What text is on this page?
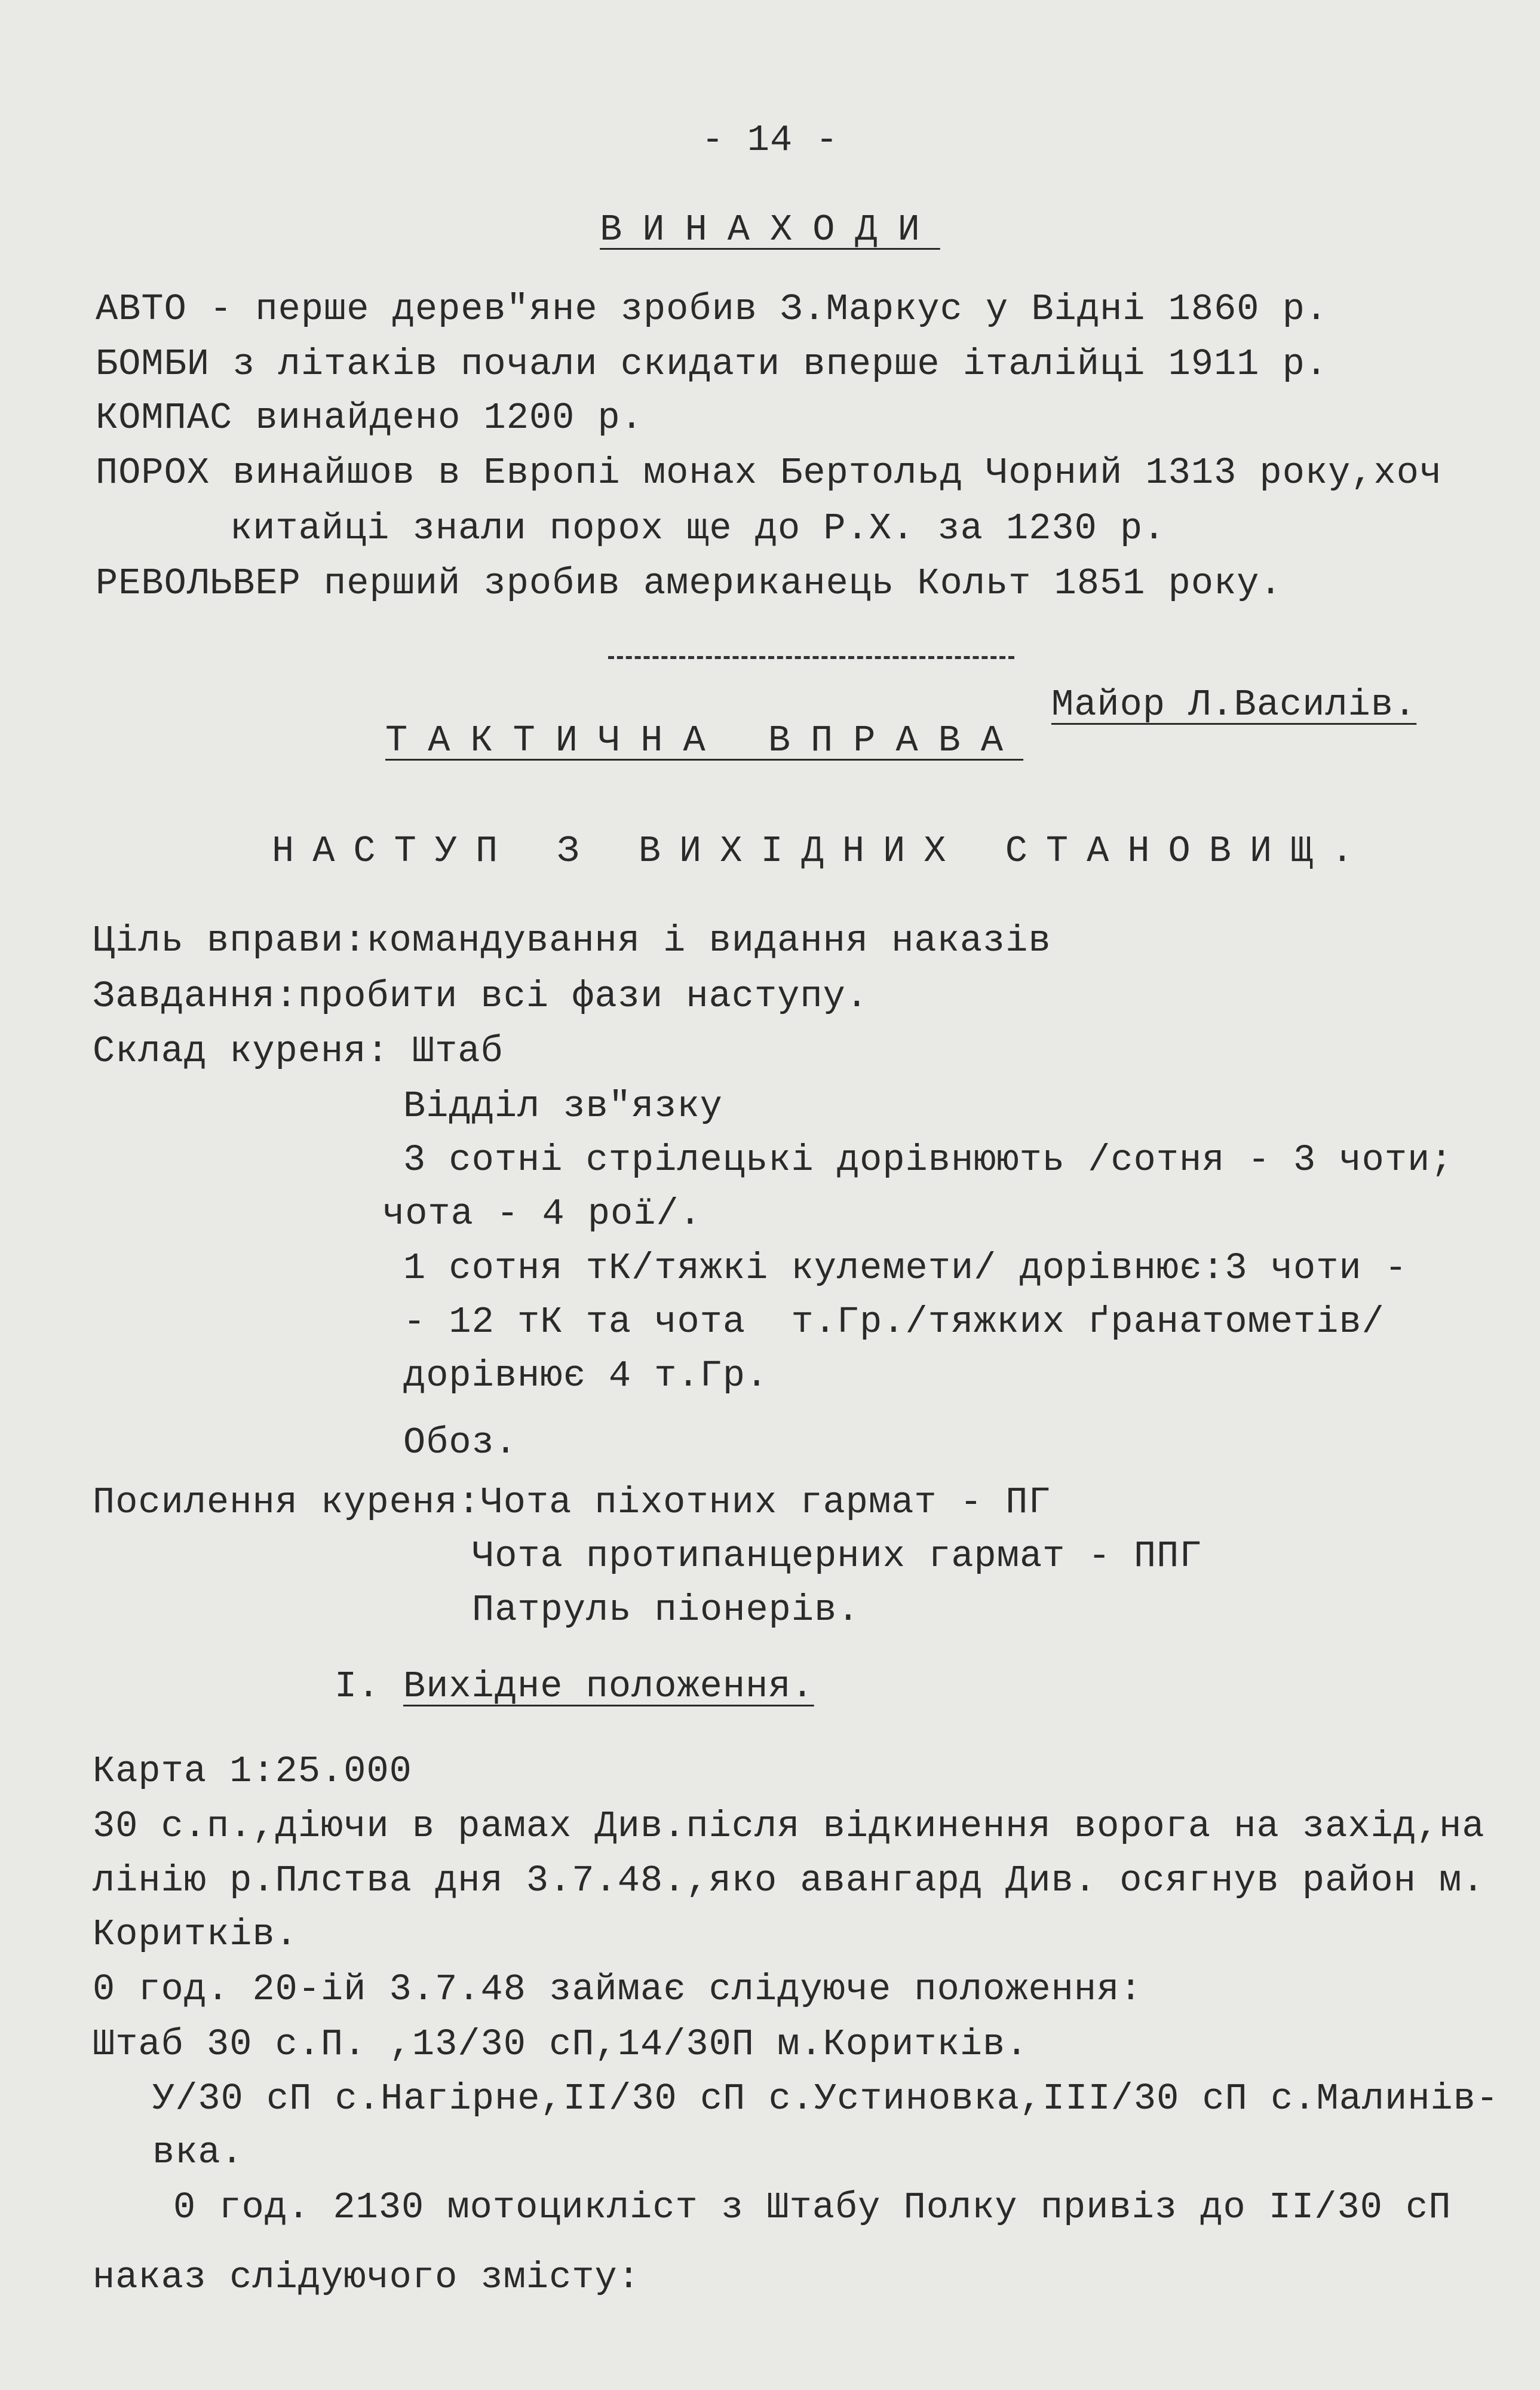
- 14 -
ВИНАХОДИ
АВТО - перше дерев"яне зробив З.Маркус у Відні 1860 р.
БОМБИ з літаків почали скидати вперше італійці 1911 р.
КОМПАС винайдено 1200 р.
ПОРОХ винайшов в Европі монах Бертольд Чорний 1313 року,хоч
китайці знали порох ще до Р.Х. за 1230 р.
РЕВОЛЬВЕР перший зробив американець Кольт 1851 року.
Майор Л.Василів.
ТАКТИЧНА ВПРАВА
НАСТУП З ВИХІДНИХ СТАНОВИЩ.
Ціль вправи:командування і видання наказів
Завдання:пробити всі фази наступу.
Склад куреня: Штаб
Відділ зв"язку
3 сотні стрілецькі дорівнюють /сотня - 3 чоти;
чота - 4 рої/.
1 сотня тК/тяжкі кулемети/ дорівнює:3 чоти -
- 12 тК та чота  т.Гр./тяжких ґранатометів/
дорівнює 4 т.Гр.
Обоз.
Посилення куреня:Чота піхотних гармат - ПГ
Чота протипанцерних гармат - ППГ
Патруль піонерів.
I. Вихідне положення.
Карта 1:25.000
30 с.п.,діючи в рамах Див.після відкинення ворога на захід,на
лінію р.Плства дня 3.7.48.,яко авангард Див. осягнув район м.
Коритків.
0 год. 20-ій 3.7.48 займає слідуюче положення:
Штаб 30 с.П. ,13/30 сП,14/30П м.Коритків.
У/30 сП с.Нагірне,II/30 сП с.Устиновка,III/30 сП с.Малинів-
вка.
0 год. 2130 мотоцикліст з Штабу Полку привіз до II/30 сП
наказ слідуючого змісту:
